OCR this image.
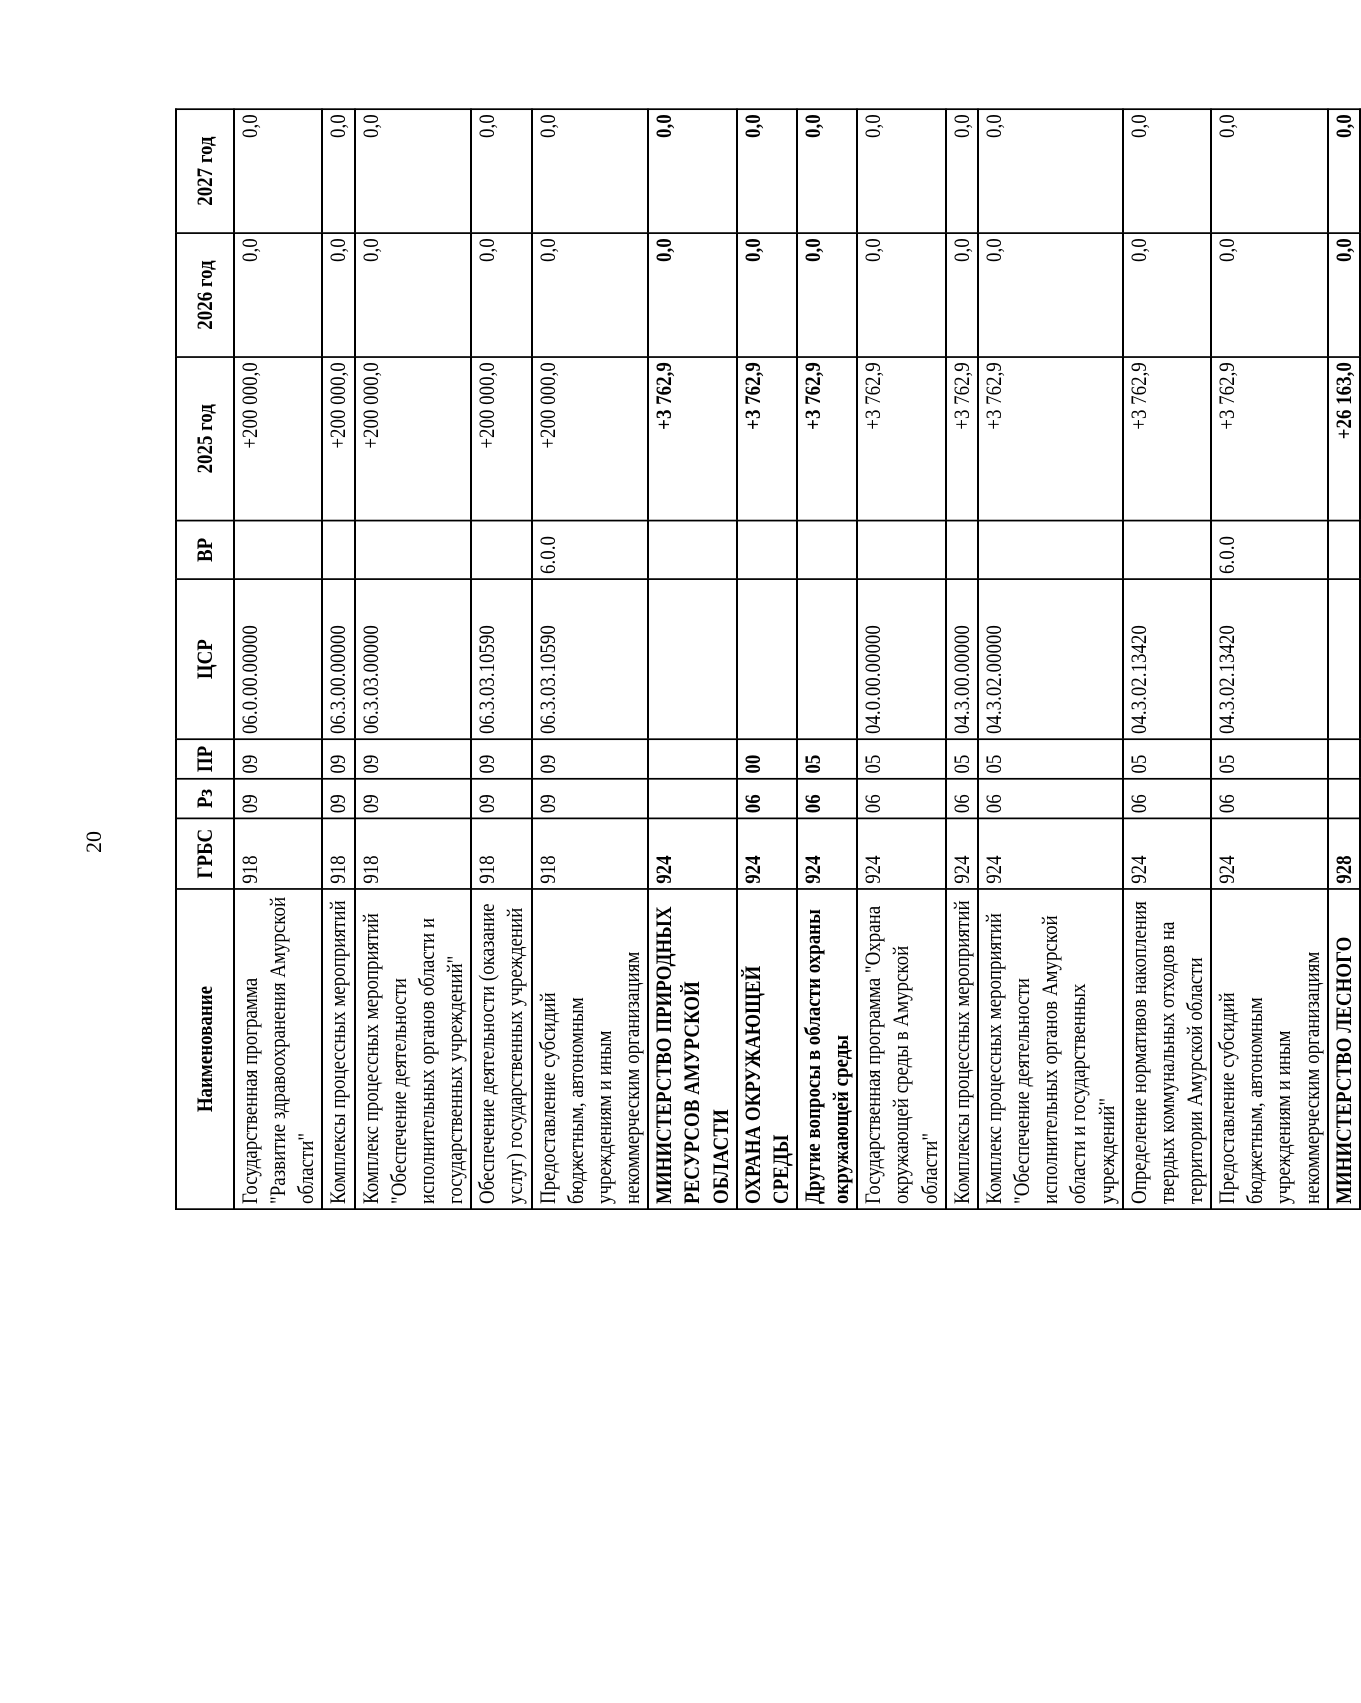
20
Наименование	ГРБС	Рз	ПР	ЦСР	ВР	2025 год	2026 год	2027 год
Государственная программа "Развитие здравоохранения Амурской области"	918	09	09	06.0.00.00000		+200 000,0	0,0	0,0
Комплексы процессных мероприятий	918	09	09	06.3.00.00000		+200 000,0	0,0	0,0
Комплекс процессных мероприятий "Обеспечение деятельности исполнительных органов области и государственных учреждений"	918	09	09	06.3.03.00000		+200 000,0	0,0	0,0
Обеспечение деятельности (оказание услуг) государственных учреждений	918	09	09	06.3.03.10590		+200 000,0	0,0	0,0
Предоставление субсидий бюджетным, автономным учреждениям и иным некоммерческим организациям	918	09	09	06.3.03.10590	6.0.0	+200 000,0	0,0	0,0
МИНИСТЕРСТВО ПРИРОДНЫХ РЕСУРСОВ АМУРСКОЙ ОБЛАСТИ	924					+3 762,9	0,0	0,0
ОХРАНА ОКРУЖАЮЩЕЙ СРЕДЫ	924	06	00			+3 762,9	0,0	0,0
Другие вопросы в области охраны окружающей среды	924	06	05			+3 762,9	0,0	0,0
Государственная программа "Охрана окружающей среды в Амурской области"	924	06	05	04.0.00.00000		+3 762,9	0,0	0,0
Комплексы процессных мероприятий	924	06	05	04.3.00.00000		+3 762,9	0,0	0,0
Комплекс процессных мероприятий "Обеспечение деятельности исполнительных органов Амурской области и государственных учреждений"	924	06	05	04.3.02.00000		+3 762,9	0,0	0,0
Определение нормативов накопления твердых коммунальных отходов на территории Амурской области	924	06	05	04.3.02.13420		+3 762,9	0,0	0,0
Предоставление субсидий бюджетным, автономным учреждениям и иным некоммерческим организациям	924	06	05	04.3.02.13420	6.0.0	+3 762,9	0,0	0,0
МИНИСТЕРСТВО ЛЕСНОГО	928					+26 163,0	0,0	0,0
